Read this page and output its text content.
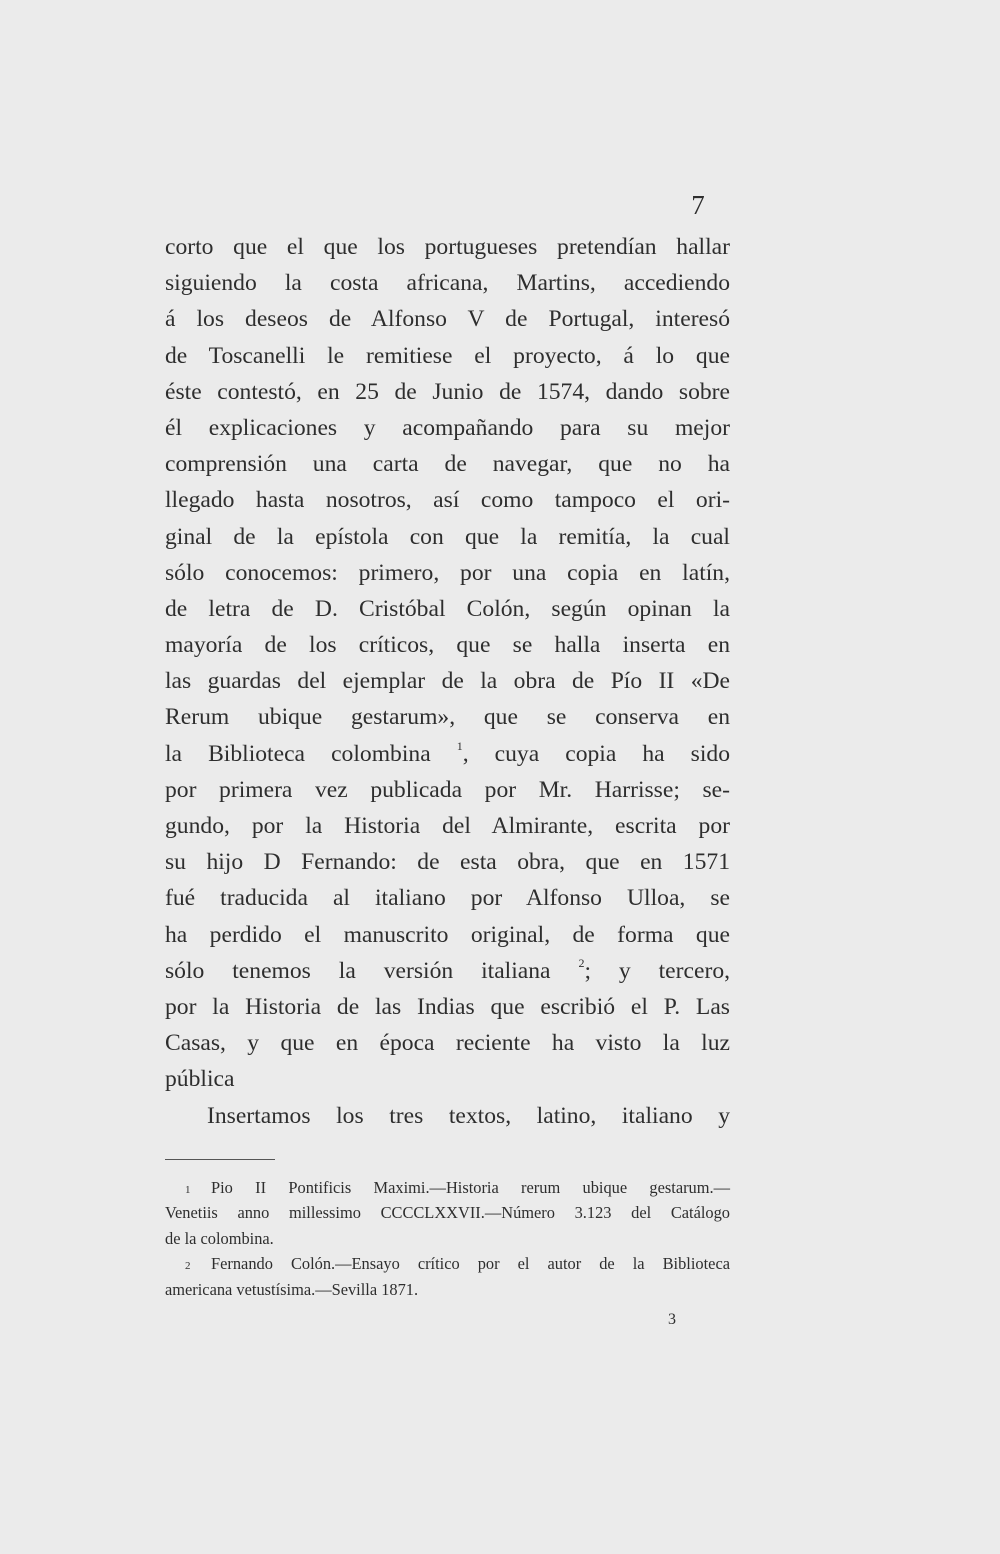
7
corto que el que los portugueses pretendían hallar
siguiendo la costa africana, Martins, accediendo
á los deseos de Alfonso V de Portugal, interesó
de Toscanelli le remitiese el proyecto, á lo que
éste contestó, en 25 de Junio de 1574, dando sobre
él explicaciones y acompañando para su mejor
comprensión una carta de navegar, que no ha
llegado hasta nosotros, así como tampoco el ori-
ginal de la epístola con que la remitía, la cual
sólo conocemos: primero, por una copia en latín,
de letra de D. Cristóbal Colón, según opinan la
mayoría de los críticos, que se halla inserta en
las guardas del ejemplar de la obra de Pío II «De
Rerum ubique gestarum», que se conserva en
la Biblioteca colombina $^1$, cuya copia ha sido
por primera vez publicada por Mr. Harrisse; se-
gundo, por la Historia del Almirante, escrita por
su hijo D Fernando: de esta obra, que en 1571
fué traducida al italiano por Alfonso Ulloa, se
ha perdido el manuscrito original, de forma que
sólo tenemos la versión italiana $^2$; y tercero,
por la Historia de las Indias que escribió el P. Las
Casas, y que en época reciente ha visto la luz
pública
Insertamos los tres textos, latino, italiano y
1 Pio II Pontificis Maximi.—Historia rerum ubique gestarum.—
Venetiis anno millessimo CCCCLXXVII.—Número 3.123 del Catálogo
de la colombina.
2 Fernando Colón.—Ensayo crítico por el autor de la Biblioteca
americana vetustísima.—Sevilla 1871.
3
